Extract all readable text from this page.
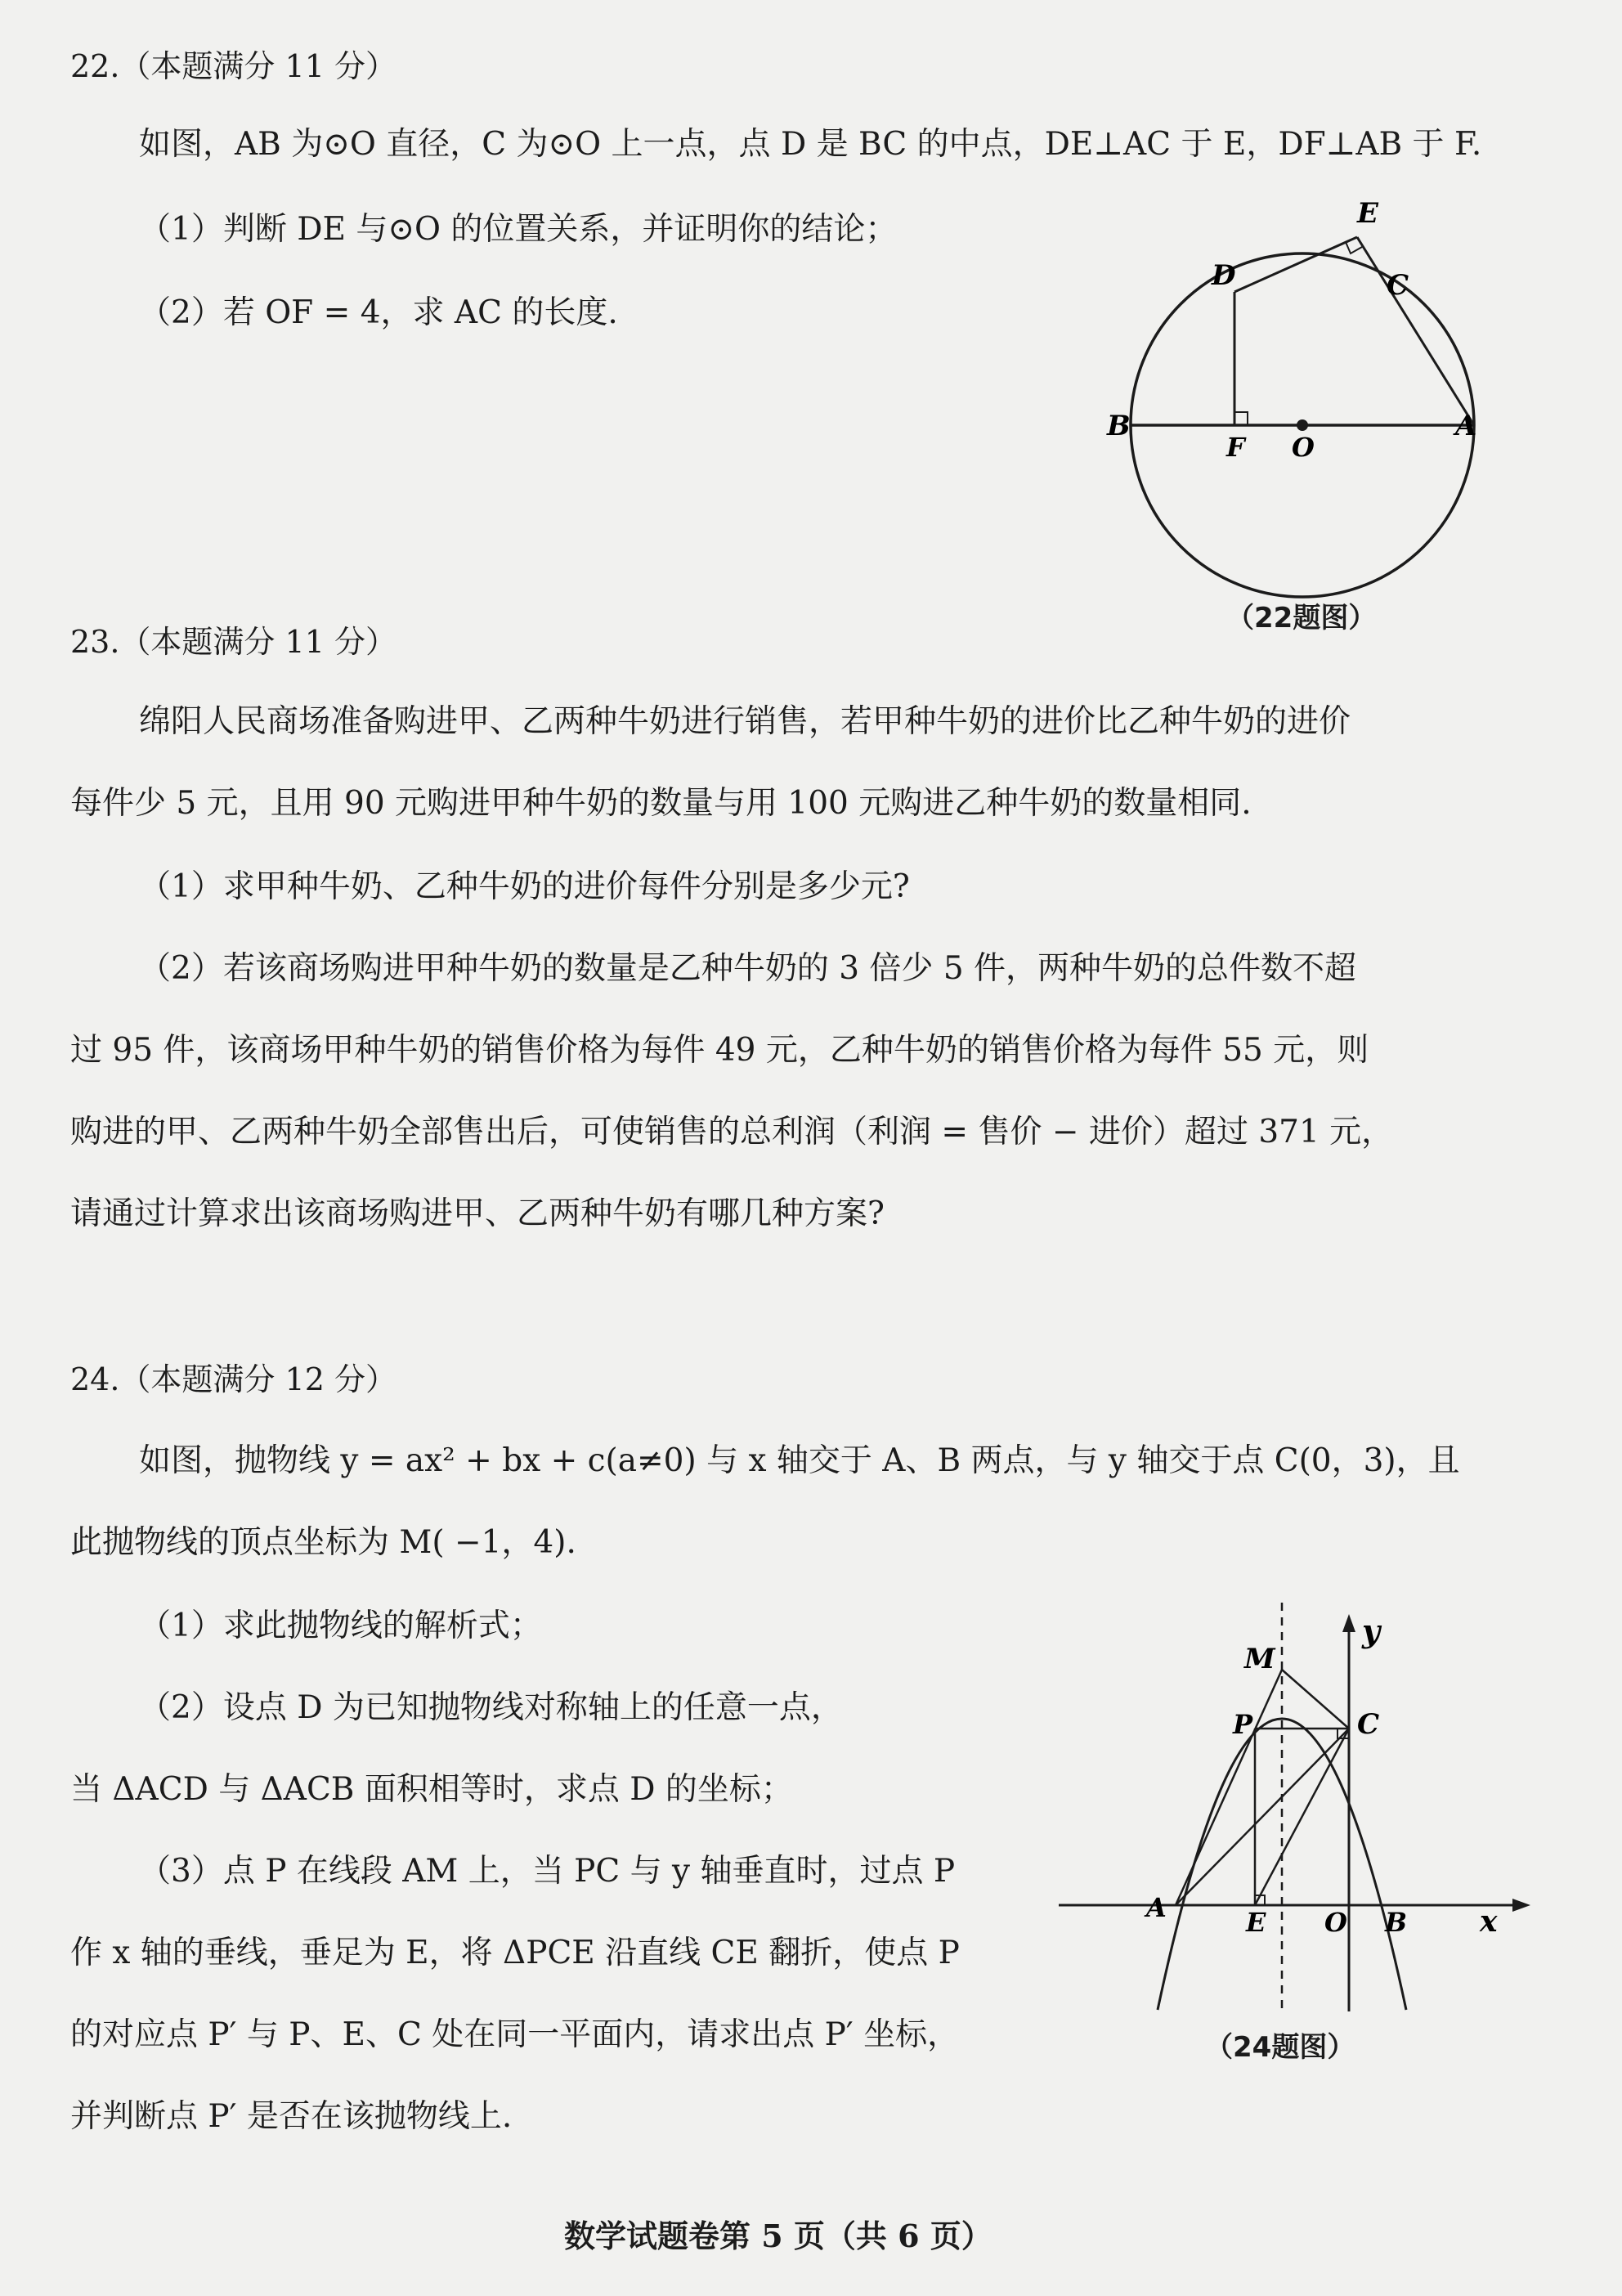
22.（本题满分 11 分）
如图，AB 为⊙O 直径，C 为⊙O 上一点，点 D 是 BC 的中点，DE⊥AC 于 E，DF⊥AB 于 F.
（1）判断 DE 与⊙O 的位置关系，并证明你的结论；
（2）若 OF = 4，求 AC 的长度.
E
D	C
B
F O
A
（22题图）
23.（本题满分 11 分）
绵阳人民商场准备购进甲、乙两种牛奶进行销售，若甲种牛奶的进价比乙种牛奶的进价
每件少 5 元，且用 90 元购进甲种牛奶的数量与用 100 元购进乙种牛奶的数量相同.
（1）求甲种牛奶、乙种牛奶的进价每件分别是多少元?
（2）若该商场购进甲种牛奶的数量是乙种牛奶的 3 倍少 5 件，两种牛奶的总件数不超
过 95 件，该商场甲种牛奶的销售价格为每件 49 元，乙种牛奶的销售价格为每件 55 元，则
购进的甲、乙两种牛奶全部售出后，可使销售的总利润（利润 = 售价 − 进价）超过 371 元，
请通过计算求出该商场购进甲、乙两种牛奶有哪几种方案?
24.（本题满分 12 分）
如图，抛物线 y = ax² + bx + c(a≠0) 与 x 轴交于 A、B 两点，与 y 轴交于点 C(0，3)，且
此抛物线的顶点坐标为 M( −1，4).
（1）求此抛物线的解析式；
（2）设点 D 为已知抛物线对称轴上的任意一点，
当 ΔACD 与 ΔACB 面积相等时，求点 D 的坐标；
（3）点 P 在线段 AM 上，当 PC 与 y 轴垂直时，过点 P
作 x 轴的垂线，垂足为 E，将 ΔPCE 沿直线 CE 翻折，使点 P
的对应点 P′ 与 P、E、C 处在同一平面内，请求出点 P′ 坐标，
并判断点 P′ 是否在该抛物线上.
M
y
P	C
A	E O B x
（24题图）
数学试题卷第 5 页（共 6 页）
